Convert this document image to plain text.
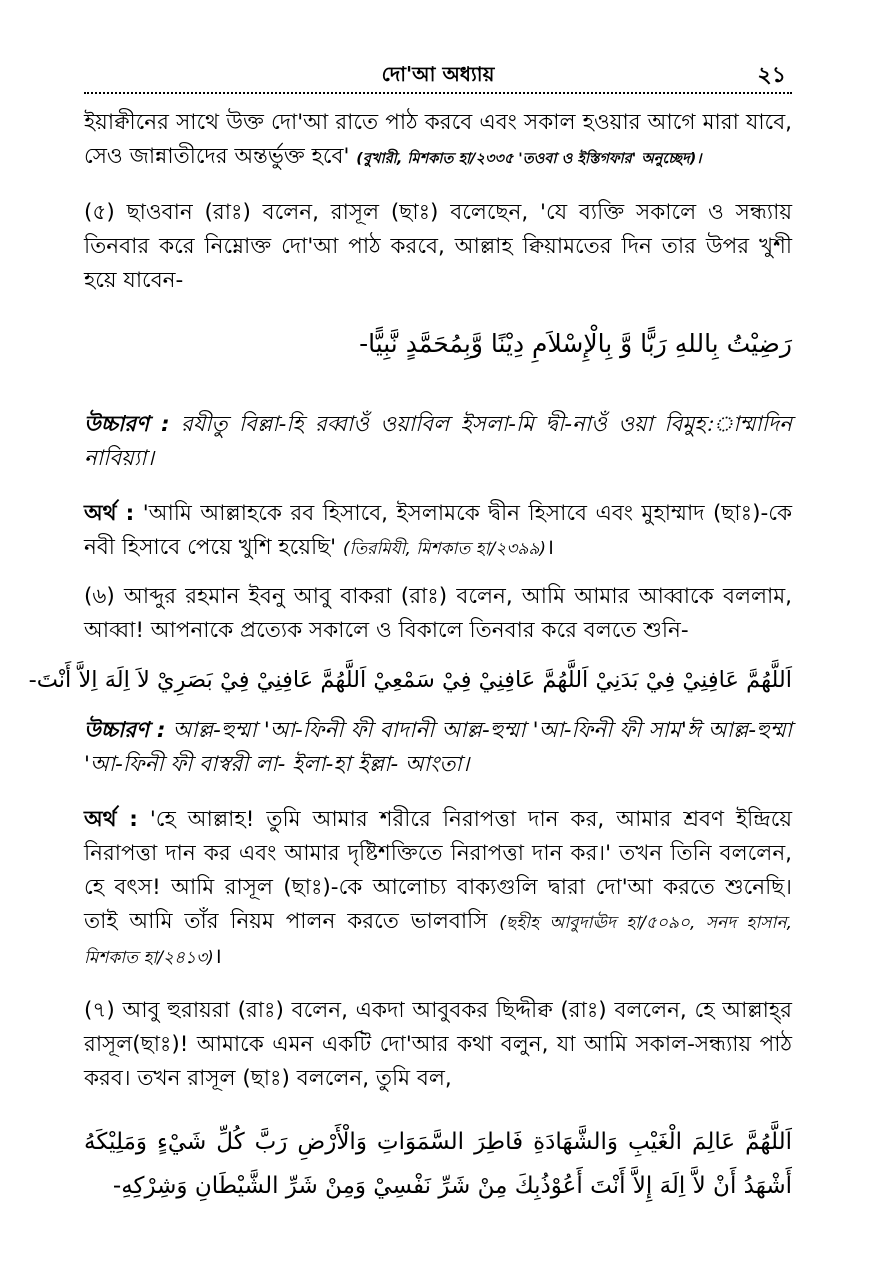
দো'আ অধ্যায়	২১

ইয়াক্বীনের সাথে উক্ত দো'আ রাতে পাঠ করবে এবং সকাল হওয়ার আগে মারা যাবে, সেও জান্নাতীদের অন্তর্ভুক্ত হবে' (বুখারী, মিশকাত হা/২৩৩৫ 'তওবা ও ইস্তিগফার' অনুচ্ছেদ)।

(৫) ছাওবান (রাঃ) বলেন, রাসূল (ছাঃ) বলেছেন, 'যে ব্যক্তি সকালে ও সন্ধ্যায় তিনবার করে নিম্নোক্ত দো'আ পাঠ করবে, আল্লাহ ক্বিয়ামতের দিন তার উপর খুশী হয়ে যাবেন-

رَضِيْتُ بِاللهِ رَبًّا وَّ بِالْإِسْلاَمِ دِيْنًا وَّبِمُحَمَّدٍ نَّبِيًّا-

উচ্চারণ : রযীতু বিল্লা-হি রব্বাওঁ ওয়াবিল ইসলা-মি দ্বী-নাওঁ ওয়া বিমুহ:াম্মাদিন নাবিয়্যা।

অর্থ : 'আমি আল্লাহকে রব হিসাবে, ইসলামকে দ্বীন হিসাবে এবং মুহাম্মাদ (ছাঃ)-কে নবী হিসাবে পেয়ে খুশি হয়েছি' (তিরমিযী, মিশকাত হা/২৩৯৯)।

(৬) আব্দুর রহমান ইবনু আবু বাকরা (রাঃ) বলেন, আমি আমার আব্বাকে বললাম, আব্বা! আপনাকে প্রত্যেক সকালে ও বিকালে তিনবার করে বলতে শুনি-

اَللَّهُمَّ عَافِنِيْ فِيْ بَدَنِيْ اَللَّهُمَّ عَافِنِيْ فِيْ سَمْعِيْ اَللَّهُمَّ عَافِنِيْ فِيْ بَصَرِيْ لاَ اِلَهَ اِلاَّ أَنْتَ-

উচ্চারণ : আল্ল-হুম্মা 'আ-ফিনী ফী বাদানী আল্ল-হুম্মা 'আ-ফিনী ফী সাম'ঈ আল্ল-হুম্মা 'আ-ফিনী ফী বাস্বরী লা- ইলা-হা ইল্লা- আংতা।

অর্থ : 'হে আল্লাহ! তুমি আমার শরীরে নিরাপত্তা দান কর, আমার শ্রবণ ইন্দ্রিয়ে নিরাপত্তা দান কর এবং আমার দৃষ্টিশক্তিতে নিরাপত্তা দান কর।' তখন তিনি বললেন, হে বৎস! আমি রাসূল (ছাঃ)-কে আলোচ্য বাক্যগুলি দ্বারা দো'আ করতে শুনেছি। তাই আমি তাঁর নিয়ম পালন করতে ভালবাসি (ছহীহ আবুদাঊদ হা/৫০৯০, সনদ হাসান, মিশকাত হা/২৪১৩)।

(৭) আবু হুরায়রা (রাঃ) বলেন, একদা আবুবকর ছিদ্দীক্ব (রাঃ) বললেন, হে আল্লাহ্‌র রাসূল(ছাঃ)! আমাকে এমন একটি দো'আর কথা বলুন, যা আমি সকাল-সন্ধ্যায় পাঠ করব। তখন রাসূল (ছাঃ) বললেন, তুমি বল,

اَللَّهُمَّ عَالِمَ الْغَيْبِ وَالشَّهَادَةِ فَاطِرَ السَّمَوَاتِ وَالْأَرْضِ رَبَّ كُلِّ شَيْءٍ وَمَلِيْكَهُ أَشْهَدُ أَنْ لاَّ اِلَهَ إِلاَّ أَنْتَ أَعُوْذُبِكَ مِنْ شَرِّ نَفْسِيْ وَمِنْ شَرِّ الشَّيْطَانِ وَشِرْكِهِ-
